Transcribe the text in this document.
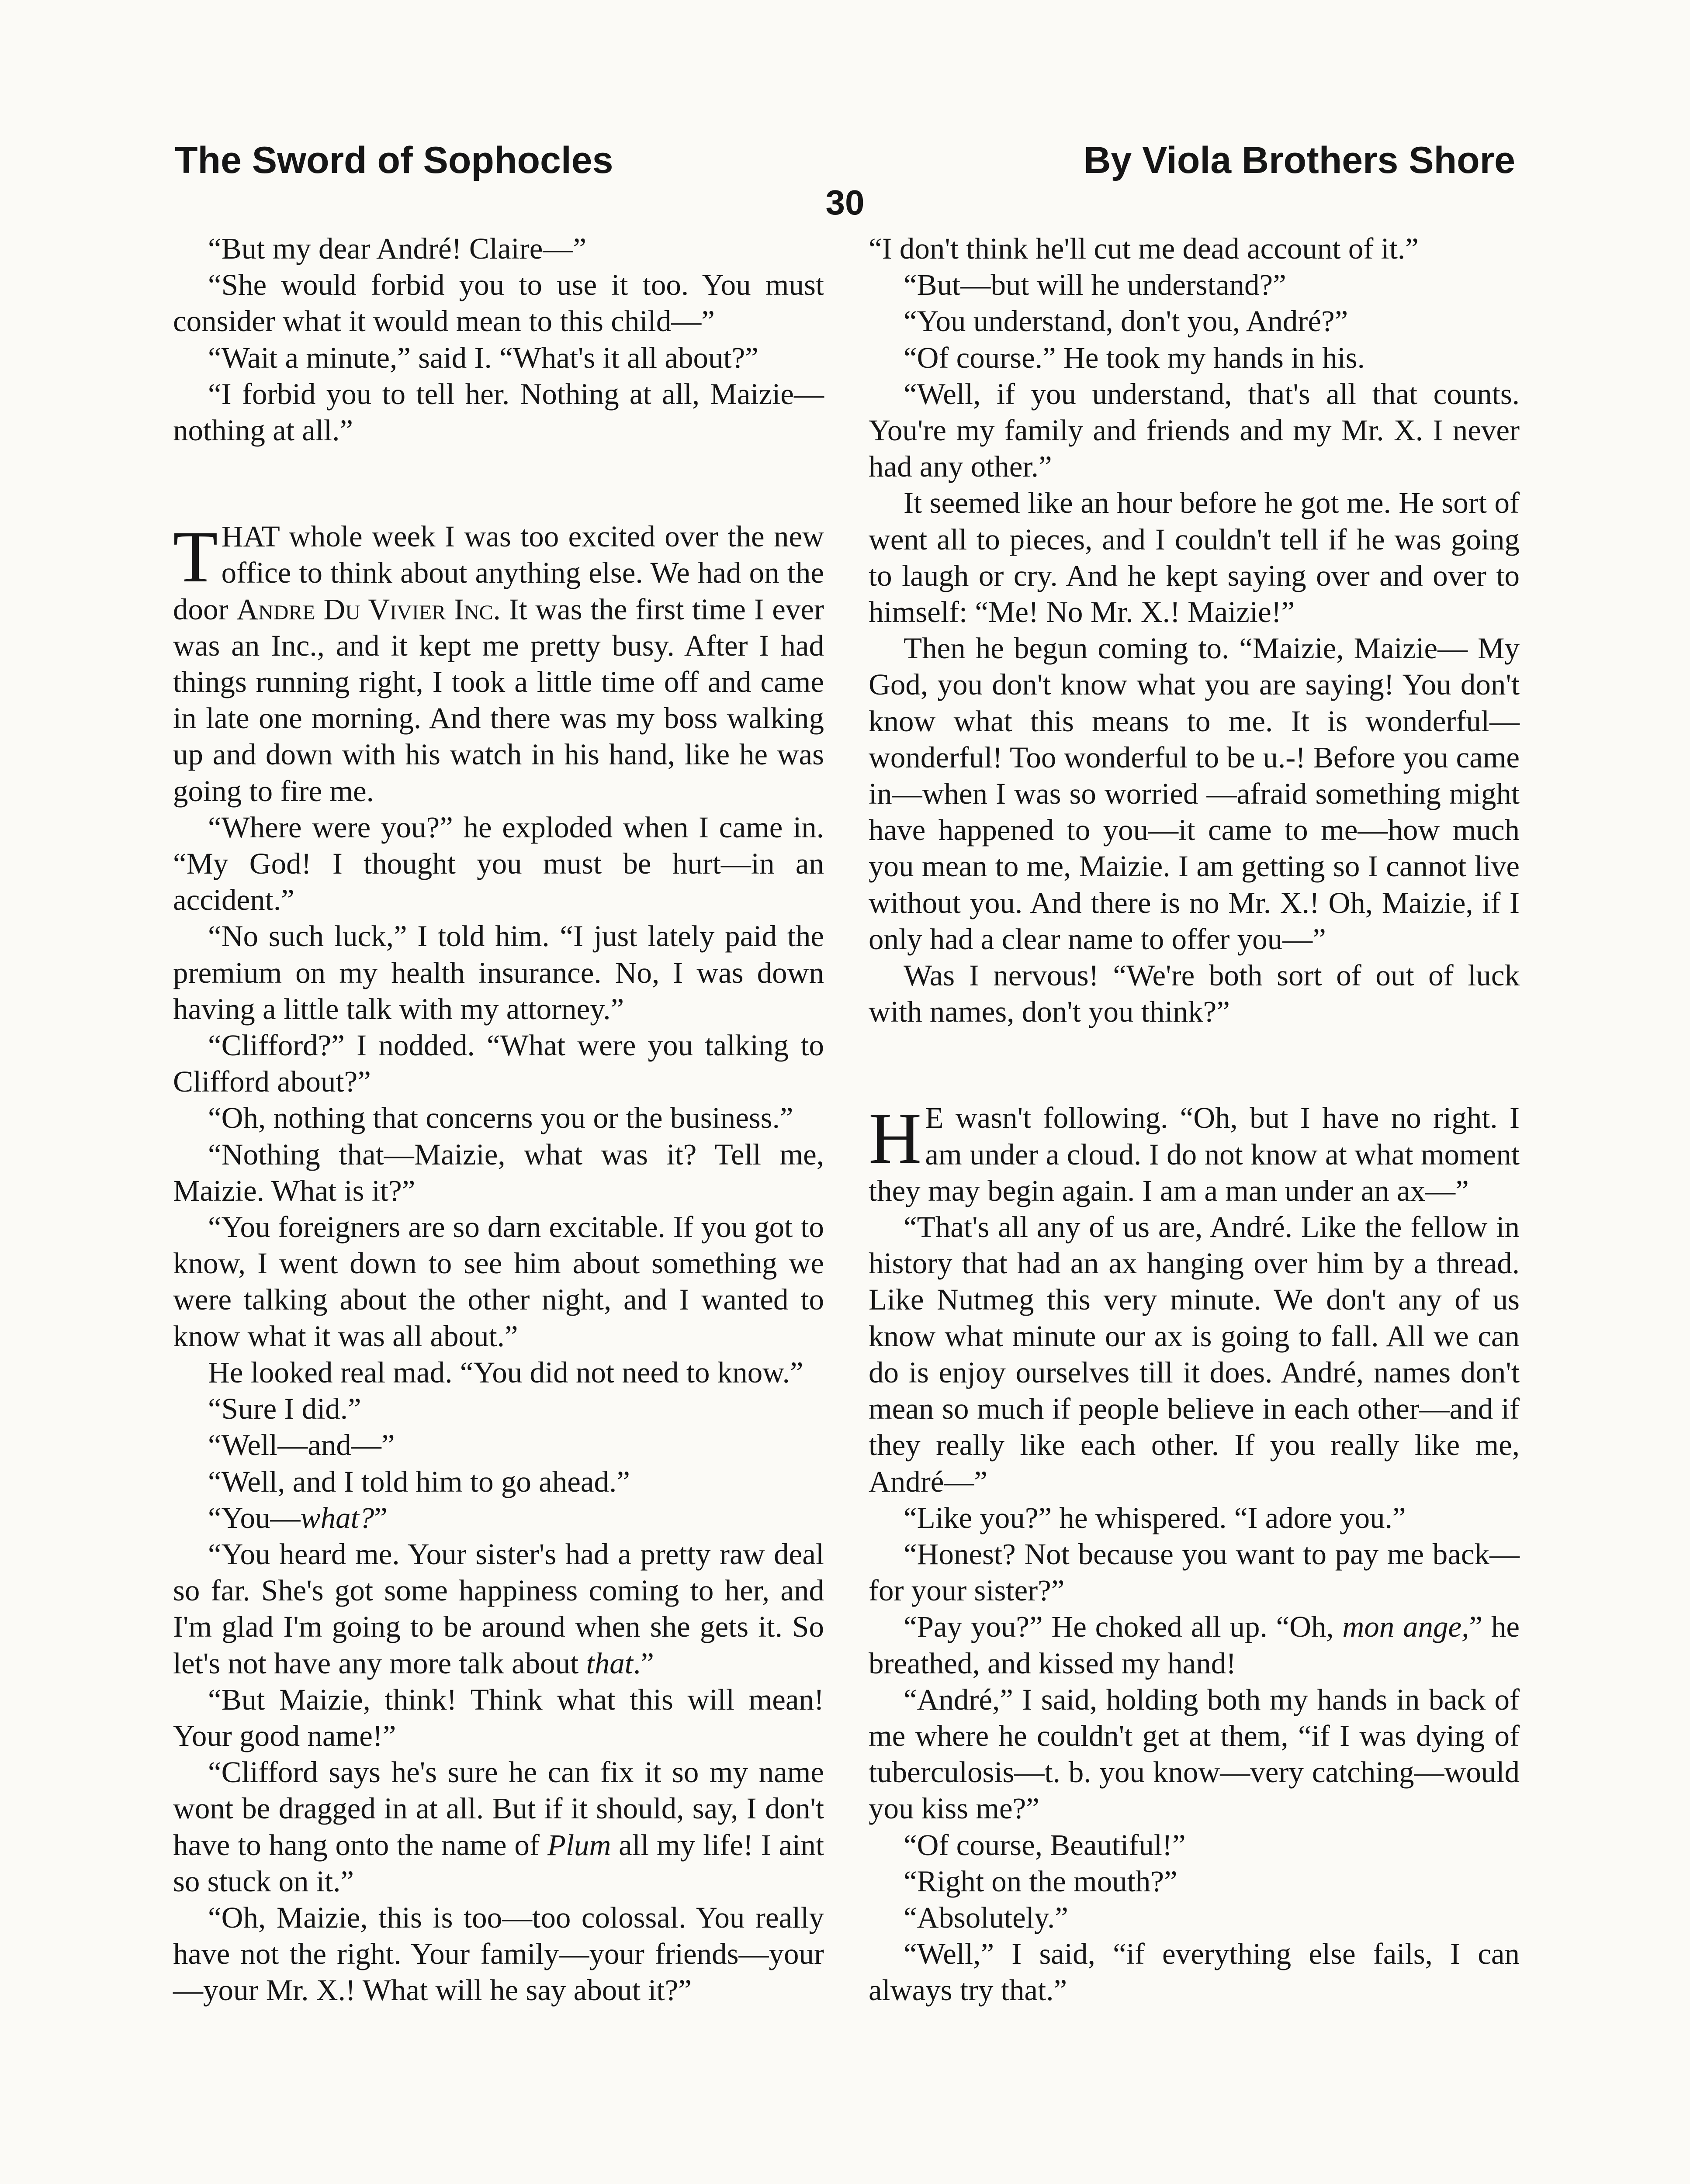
The Sword of Sophocles	By Viola Brothers Shore
30

“But my dear André! Claire—”

“She would forbid you to use it too. You must consider what it would mean to this child—”

“Wait a minute,” said I. “What's it all about?”

“I forbid you to tell her. Nothing at all, Maizie—nothing at all.”

THAT whole week I was too excited over the new office to think about anything else. We had on the door Andre Du Vivier Inc. It was the first time I ever was an Inc., and it kept me pretty busy. After I had things running right, I took a little time off and came in late one morning. And there was my boss walking up and down with his watch in his hand, like he was going to fire me.

“Where were you?” he exploded when I came in. “My God! I thought you must be hurt—in an accident.”

“No such luck,” I told him. “I just lately paid the premium on my health insurance. No, I was down having a little talk with my attorney.”

“Clifford?” I nodded. “What were you talking to Clifford about?”

“Oh, nothing that concerns you or the business.”

“Nothing that—Maizie, what was it? Tell me, Maizie. What is it?”

“You foreigners are so darn excitable. If you got to know, I went down to see him about something we were talking about the other night, and I wanted to know what it was all about.”

He looked real mad. “You did not need to know.”

“Sure I did.”

“Well—and—”

“Well, and I told him to go ahead.”

“You—what?”

“You heard me. Your sister's had a pretty raw deal so far. She's got some happiness coming to her, and I'm glad I'm going to be around when she gets it. So let's not have any more talk about that.”

“But Maizie, think! Think what this will mean! Your good name!”

“Clifford says he's sure he can fix it so my name wont be dragged in at all. But if it should, say, I don't have to hang onto the name of Plum all my life! I aint so stuck on it.”

“Oh, Maizie, this is too—too colossal. You really have not the right. Your family—your friends—your—your Mr. X.! What will he say about it?”

“I don't think he'll cut me dead account of it.”

“But—but will he understand?”

“You understand, don't you, André?”

“Of course.” He took my hands in his.

“Well, if you understand, that's all that counts. You're my family and friends and my Mr. X. I never had any other.”

It seemed like an hour before he got me. He sort of went all to pieces, and I couldn't tell if he was going to laugh or cry. And he kept saying over and over to himself: “Me! No Mr. X.! Maizie!”

Then he begun coming to. “Maizie, Maizie— My God, you don't know what you are saying! You don't know what this means to me. It is wonderful—wonderful! Too wonderful to be u.-! Before you came in—when I was so worried —afraid something might have happened to you—it came to me—how much you mean to me, Maizie. I am getting so I cannot live without you. And there is no Mr. X.! Oh, Maizie, if I only had a clear name to offer you—”

Was I nervous! “We're both sort of out of luck with names, don't you think?”

H E wasn't following. “Oh, but I have no right. I am under a cloud. I do not know at what moment they may begin again. I am a man under an ax—”

“That's all any of us are, André. Like the fellow in history that had an ax hanging over him by a thread. Like Nutmeg this very minute. We don't any of us know what minute our ax is going to fall. All we can do is enjoy ourselves till it does. André, names don't mean so much if people believe in each other—and if they really like each other. If you really like me, André—”

“Like you?” he whispered. “I adore you.”

“Honest? Not because you want to pay me back—for your sister?”

“Pay you?” He choked all up. “Oh, mon ange,” he breathed, and kissed my hand!

“André,” I said, holding both my hands in back of me where he couldn't get at them, “if I was dying of tuberculosis—t. b. you know—very catching—would you kiss me?”

“Of course, Beautiful!”

“Right on the mouth?”

“Absolutely.”

“Well,” I said, “if everything else fails, I can always try that.”
